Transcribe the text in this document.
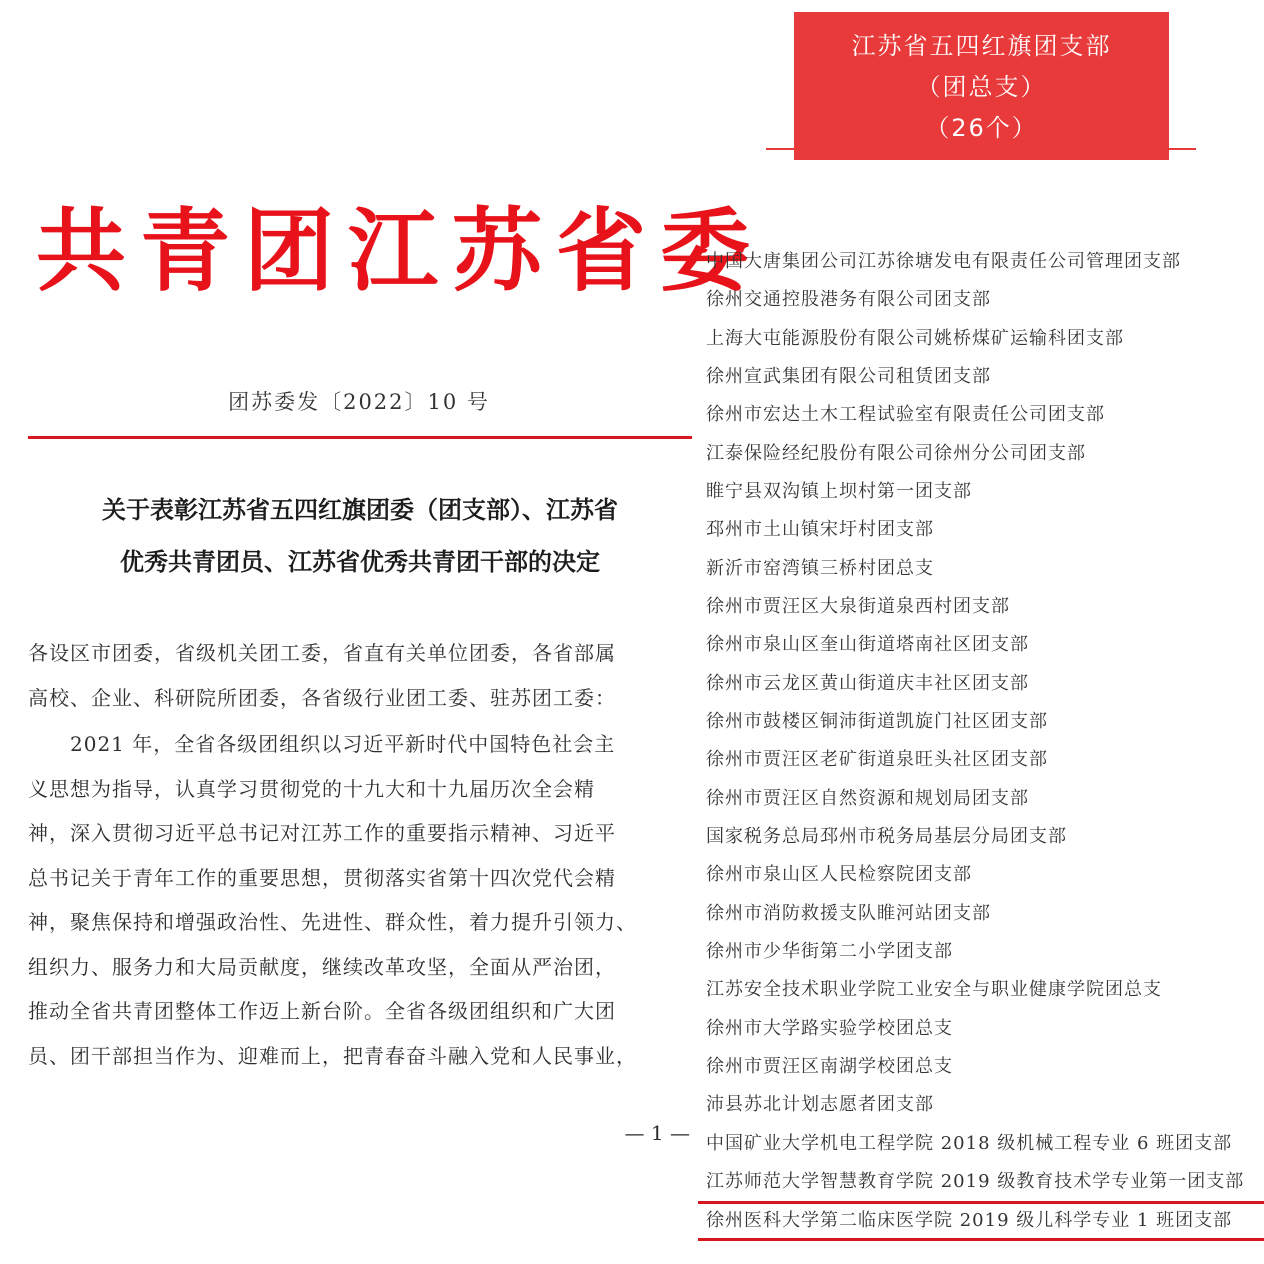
共青团江苏省委
团苏委发〔2022〕10 号
关于表彰江苏省五四红旗团委（团支部）、江苏省
优秀共青团员、江苏省优秀共青团干部的决定
各设区市团委，省级机关团工委，省直有关单位团委，各省部属
高校、企业、科研院所团委，各省级行业团工委、驻苏团工委：
　　2021 年，全省各级团组织以习近平新时代中国特色社会主
义思想为指导，认真学习贯彻党的十九大和十九届历次全会精
神，深入贯彻习近平总书记对江苏工作的重要指示精神、习近平
总书记关于青年工作的重要思想，贯彻落实省第十四次党代会精
神，聚焦保持和增强政治性、先进性、群众性，着力提升引领力、
组织力、服务力和大局贡献度，继续改革攻坚，全面从严治团，
推动全省共青团整体工作迈上新台阶。全省各级团组织和广大团
员、团干部担当作为、迎难而上，把青春奋斗融入党和人民事业，
— 1 —
江苏省五四红旗团支部
（团总支）
（26个）
中国大唐集团公司江苏徐塘发电有限责任公司管理团支部
徐州交通控股港务有限公司团支部
上海大屯能源股份有限公司姚桥煤矿运输科团支部
徐州宣武集团有限公司租赁团支部
徐州市宏达土木工程试验室有限责任公司团支部
江泰保险经纪股份有限公司徐州分公司团支部
睢宁县双沟镇上坝村第一团支部
邳州市土山镇宋圩村团支部
新沂市窑湾镇三桥村团总支
徐州市贾汪区大泉街道泉西村团支部
徐州市泉山区奎山街道塔南社区团支部
徐州市云龙区黄山街道庆丰社区团支部
徐州市鼓楼区铜沛街道凯旋门社区团支部
徐州市贾汪区老矿街道泉旺头社区团支部
徐州市贾汪区自然资源和规划局团支部
国家税务总局邳州市税务局基层分局团支部
徐州市泉山区人民检察院团支部
徐州市消防救援支队睢河站团支部
徐州市少华街第二小学团支部
江苏安全技术职业学院工业安全与职业健康学院团总支
徐州市大学路实验学校团总支
徐州市贾汪区南湖学校团总支
沛县苏北计划志愿者团支部
中国矿业大学机电工程学院 2018 级机械工程专业 6 班团支部
江苏师范大学智慧教育学院 2019 级教育技术学专业第一团支部
徐州医科大学第二临床医学院 2019 级儿科学专业 1 班团支部
